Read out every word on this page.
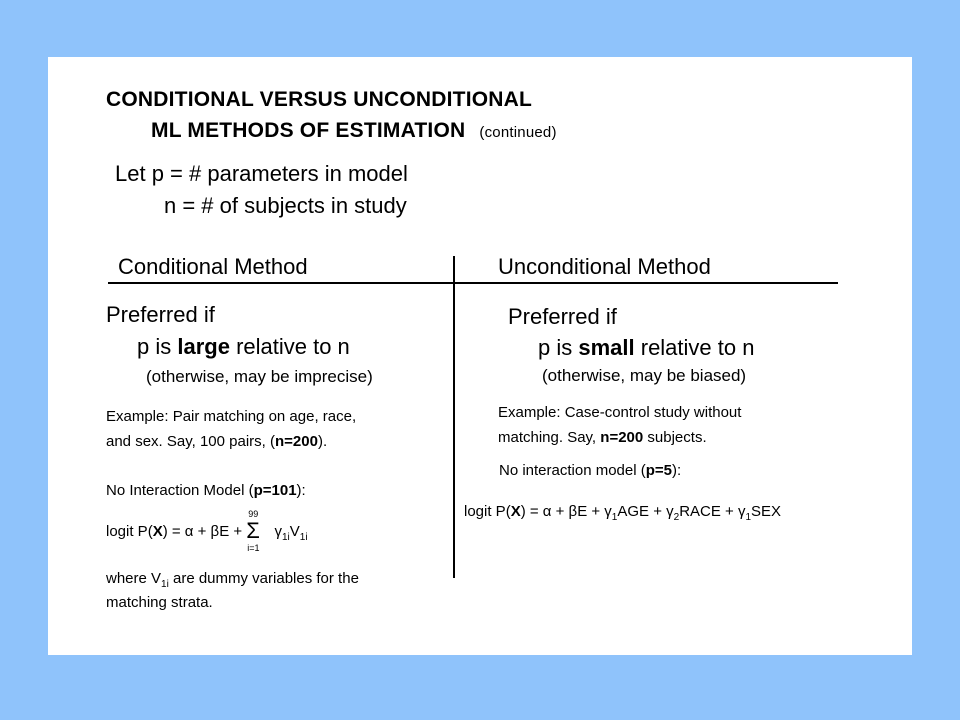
CONDITIONAL VERSUS UNCONDITIONAL
ML METHODS OF ESTIMATION (continued)
Let p = # parameters in model
n = # of subjects in study
Conditional Method	Unconditional Method
Preferred if
p is large relative to n
(otherwise, may be imprecise)
Example: Pair matching on age, race,
and sex. Say, 100 pairs, (n=200).
No Interaction Model (p=101):
logit P(X) = α + βE +
99
Σ
i=1
$\gamma_{1i}V_{1i}$
where $V_{1i}$ are dummy variables for the
matching strata.
Preferred if
p is small relative to n
(otherwise, may be biased)
Example: Case-control study without
matching. Say, n=200 subjects.
No interaction model (p=5):
logit $P(X) = \alpha + \beta E + \gamma_1AGE$ + $\gamma_2RACE + \gamma_1SEX$
